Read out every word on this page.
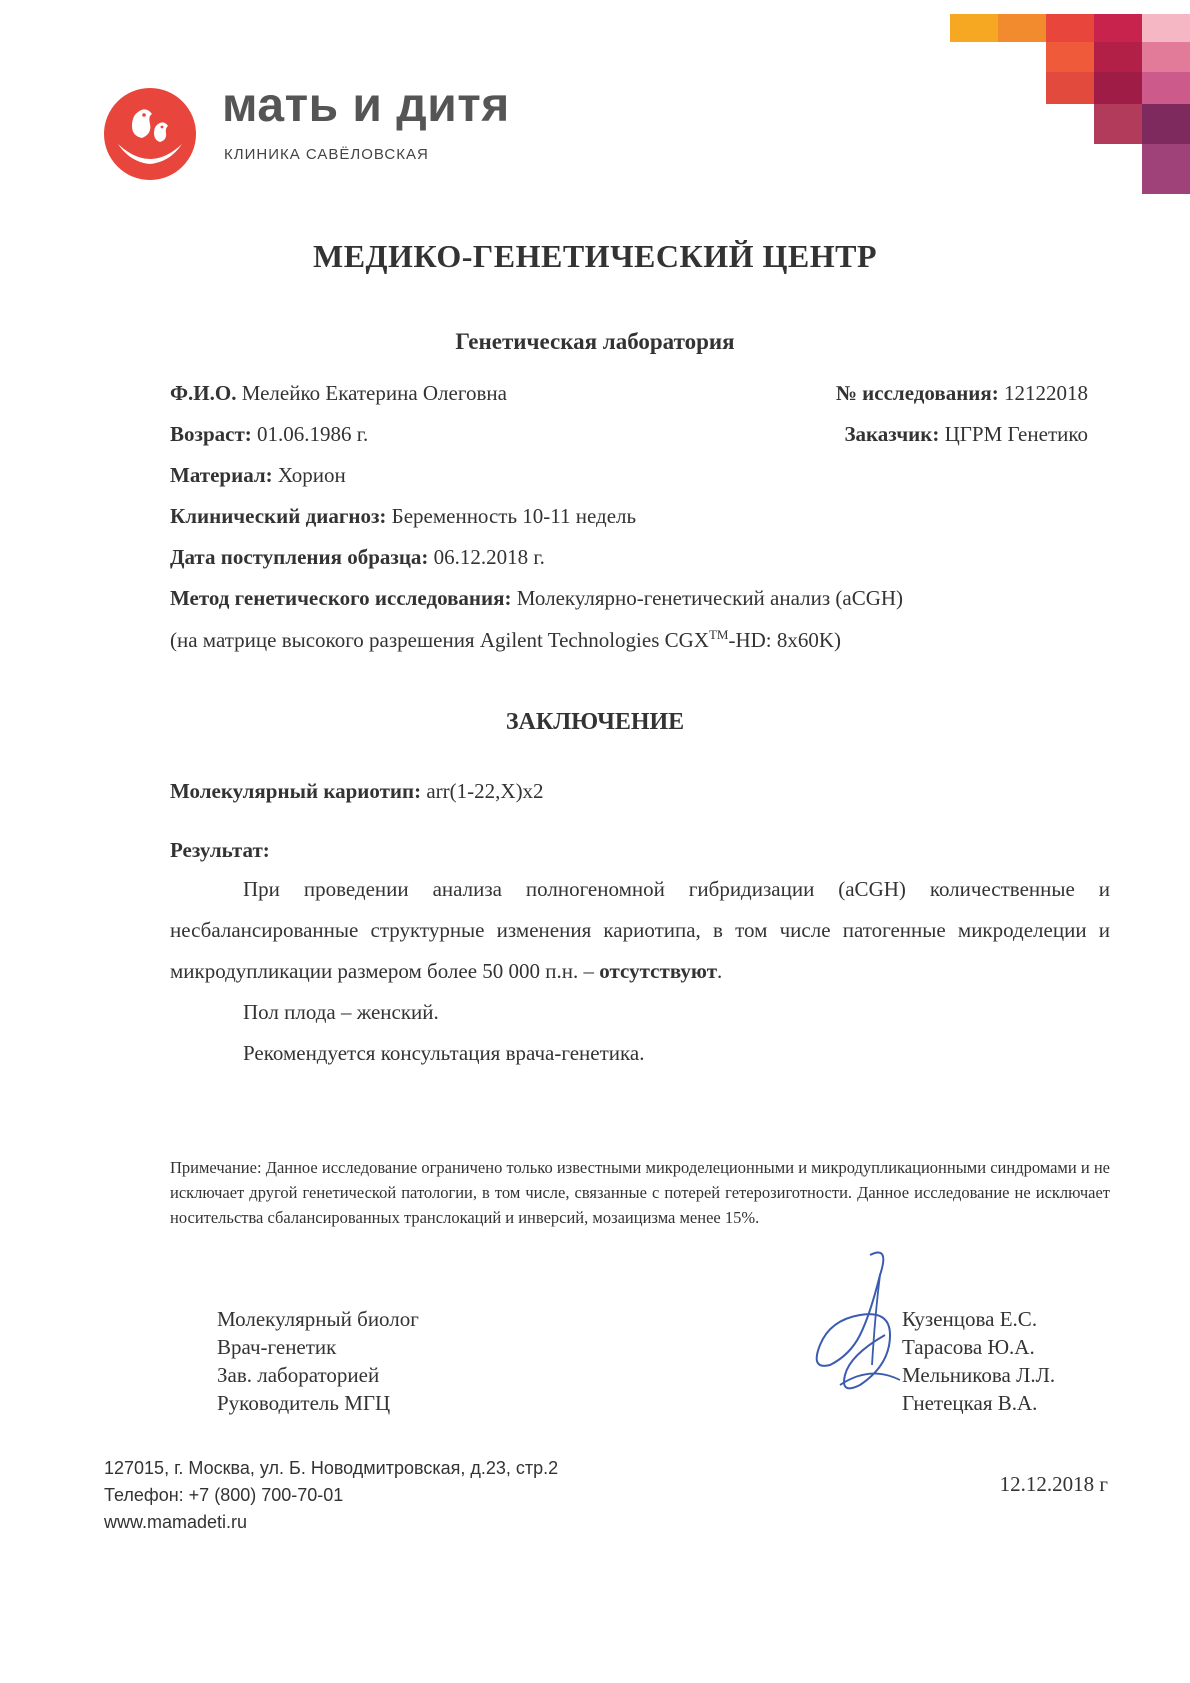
мать и дитя
КЛИНИКА САВЁЛОВСКАЯ
МЕДИКО-ГЕНЕТИЧЕСКИЙ ЦЕНТР
Генетическая лаборатория
Ф.И.О. Мелейко Екатерина Олеговна	№ исследования: 12122018
Возраст: 01.06.1986 г.	Заказчик: ЦГРМ Генетико
Материал: Хорион
Клинический диагноз: Беременность 10-11 недель
Дата поступления образца: 06.12.2018 г.
Метод генетического исследования: Молекулярно-генетический анализ (aCGH)
(на матрице высокого разрешения Agilent Technologies CGX™-HD: 8x60K)
ЗАКЛЮЧЕНИЕ
Молекулярный кариотип: arr(1-22,X)x2
Результат:
При проведении анализа полногеномной гибридизации (aCGH) количественные и несбалансированные структурные изменения кариотипа, в том числе патогенные микроделеции и микродупликации размером более 50 000 п.н. – отсутствуют.
Пол плода – женский.
Рекомендуется консультация врача-генетика.
Примечание: Данное исследование ограничено только известными микроделеционными и микродупликационными синдромами и не исключает другой генетической патологии, в том числе, связанные с потерей гетерозиготности. Данное исследование не исключает носительства сбалансированных транслокаций и инверсий, мозаицизма менее 15%.
Молекулярный биолог
Врач-генетик
Зав. лабораторией
Руководитель МГЦ
Кузенцова Е.С.
Тарасова Ю.А.
Мельникова Л.Л.
Гнетецкая В.А.
127015, г. Москва, ул. Б. Новодмитровская, д.23, стр.2
Телефон: +7 (800) 700-70-01
www.mamadeti.ru
12.12.2018 г
